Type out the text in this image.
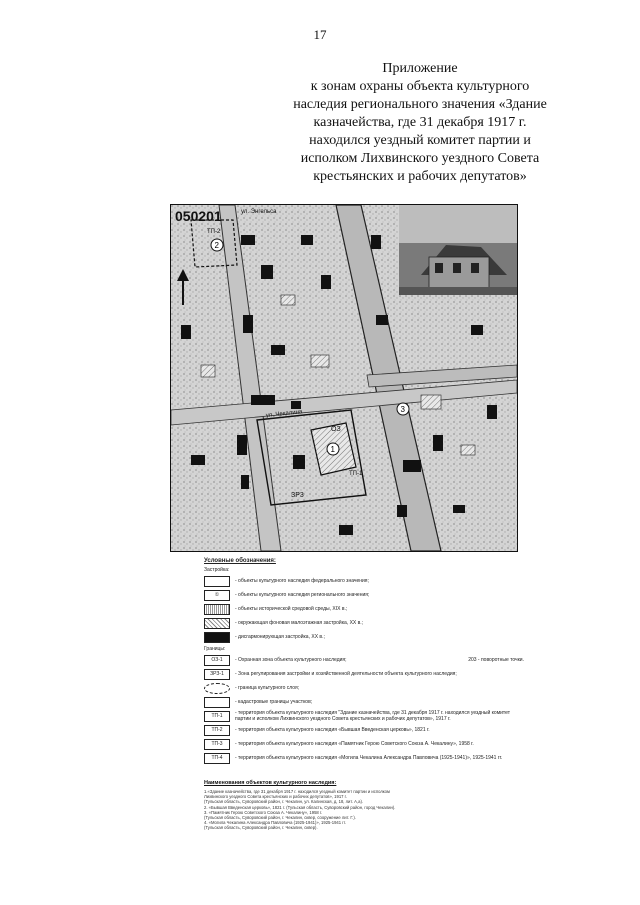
17
Приложение
к зонам охраны объекта культурного
наследия регионального значения «Здание
казначейства, где 31 декабря 1917 г.
находился уездный комитет партии и
исполком Лихвинского уездного Совета
крестьянских и рабочих депутатов»
050201
ул. Чекалина
ул. Энгельса
ЗР3
ТП-1
ТП-2
ОЗ
1
2
3
Условные обозначения:
Застройка:
- объекты культурного наследия федерального значения;
①	- объекты культурного наследия регионального значения;
- объекты исторической средовой среды, XIX в.;
- окружающая фоновая малоэтажная застройка, XX в.;
- дисгармонирующая застройка, XX в.;
Границы:
ОЗ-1	- Охранная зона объекта культурного наследия;	203 - поворотные точки.
ЗРЗ-1	- Зона регулирования застройки и хозяйственной деятельности объекта культурного наследия;
- граница культурного слоя;
- кадастровые границы участков;
ТП-1	- территория объекта культурного наследия "Здание казначейства, где 31 декабря 1917 г. находился уездный комитет партии и исполком Лихвинского уездного Совета крестьянских и рабочих депутатов», 1917 г.
ТП-2	- территория объекта культурного наследия «Бывшая Введенская церковь», 1821 г.
ТП-3	- территория объекта культурного наследия «Памятник Герою Советского Союза А. Чекалину», 1958 г.
ТП-4	- территория объекта культурного наследия «Могила Чекалина Александра Павловича (1925-1941)», 1925-1941 гг.
Наименования объектов культурного наследия:
1.«Здание казначейства, где 31 декабря 1917 г. находился уездный комитет партии и исполком
Лихвинского уездного Совета крестьянских и рабочих депутатов», 1917 г.
(Тульская область, Суворовский район, г. Чекалин, ул. Калинская, д. 18, лит. А,а).
2. «Бывшая Введенская церковь», 1821 г. (Тульская область, Суворовский район, город Чекалин).
3. «Памятник Герою Советского Союза А. Чекалину», 1958 г.
(Тульская область, Суворовский район, г. Чекалин, сквер, сооружение лит. Г.).
4. «Могила Чекалина Александра Павловича (1925-1941)», 1925-1941 гг.
(Тульская область, Суворовский район, г. Чекалин, сквер).
